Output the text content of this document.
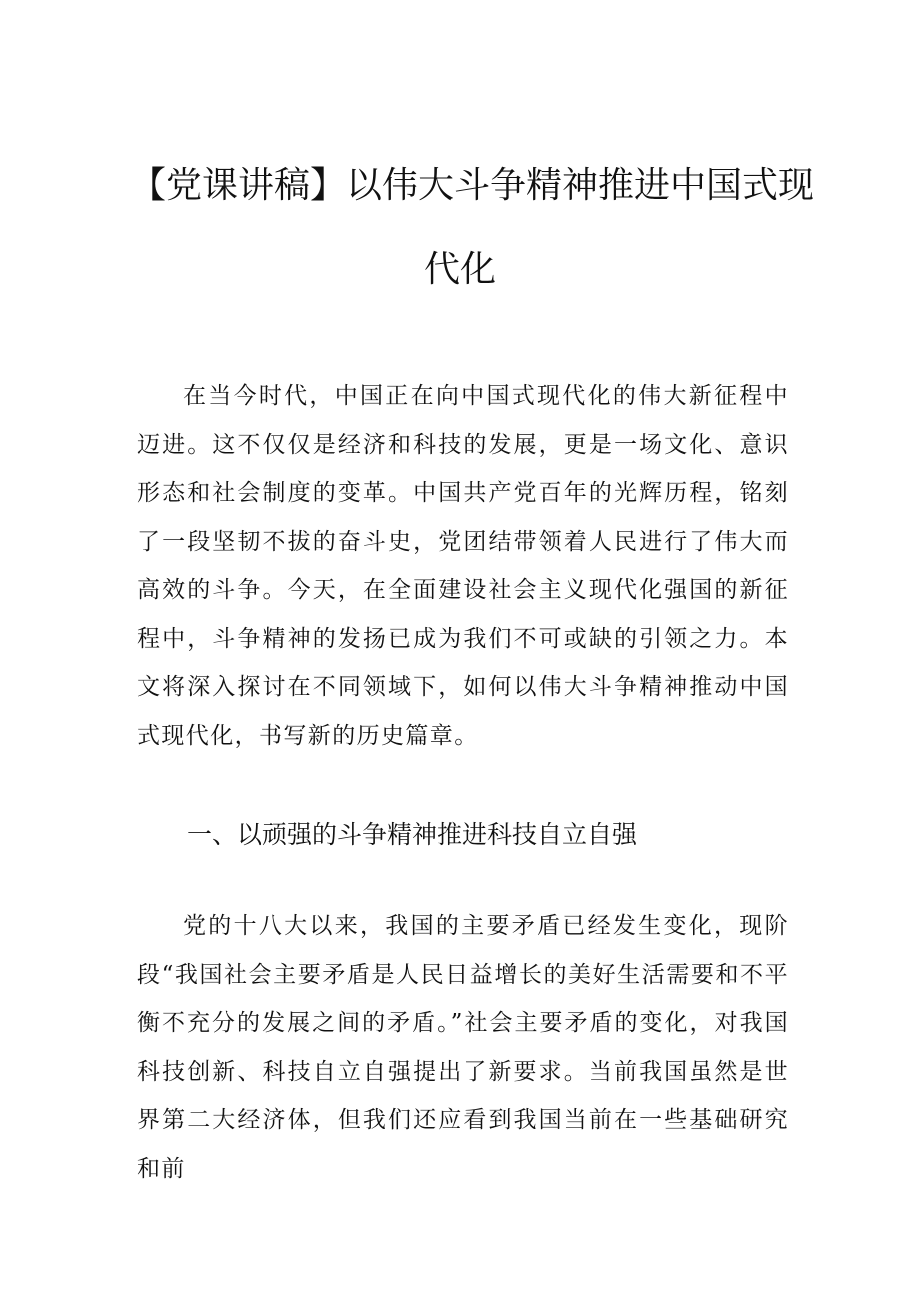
【党课讲稿】以伟大斗争精神推进中国式现
代化

在当今时代，中国正在向中国式现代化的伟大新征程中迈进。这不仅仅是经济和科技的发展，更是一场文化、意识形态和社会制度的变革。中国共产党百年的光辉历程，铭刻了一段坚韧不拔的奋斗史，党团结带领着人民进行了伟大而高效的斗争。今天，在全面建设社会主义现代化强国的新征程中，斗争精神的发扬已成为我们不可或缺的引领之力。本文将深入探讨在不同领域下，如何以伟大斗争精神推动中国式现代化，书写新的历史篇章。

一、以顽强的斗争精神推进科技自立自强

党的十八大以来，我国的主要矛盾已经发生变化，现阶段“我国社会主要矛盾是人民日益增长的美好生活需要和不平衡不充分的发展之间的矛盾。”社会主要矛盾的变化，对我国科技创新、科技自立自强提出了新要求。当前我国虽然是世界第二大经济体，但我们还应看到我国当前在一些基础研究和前
